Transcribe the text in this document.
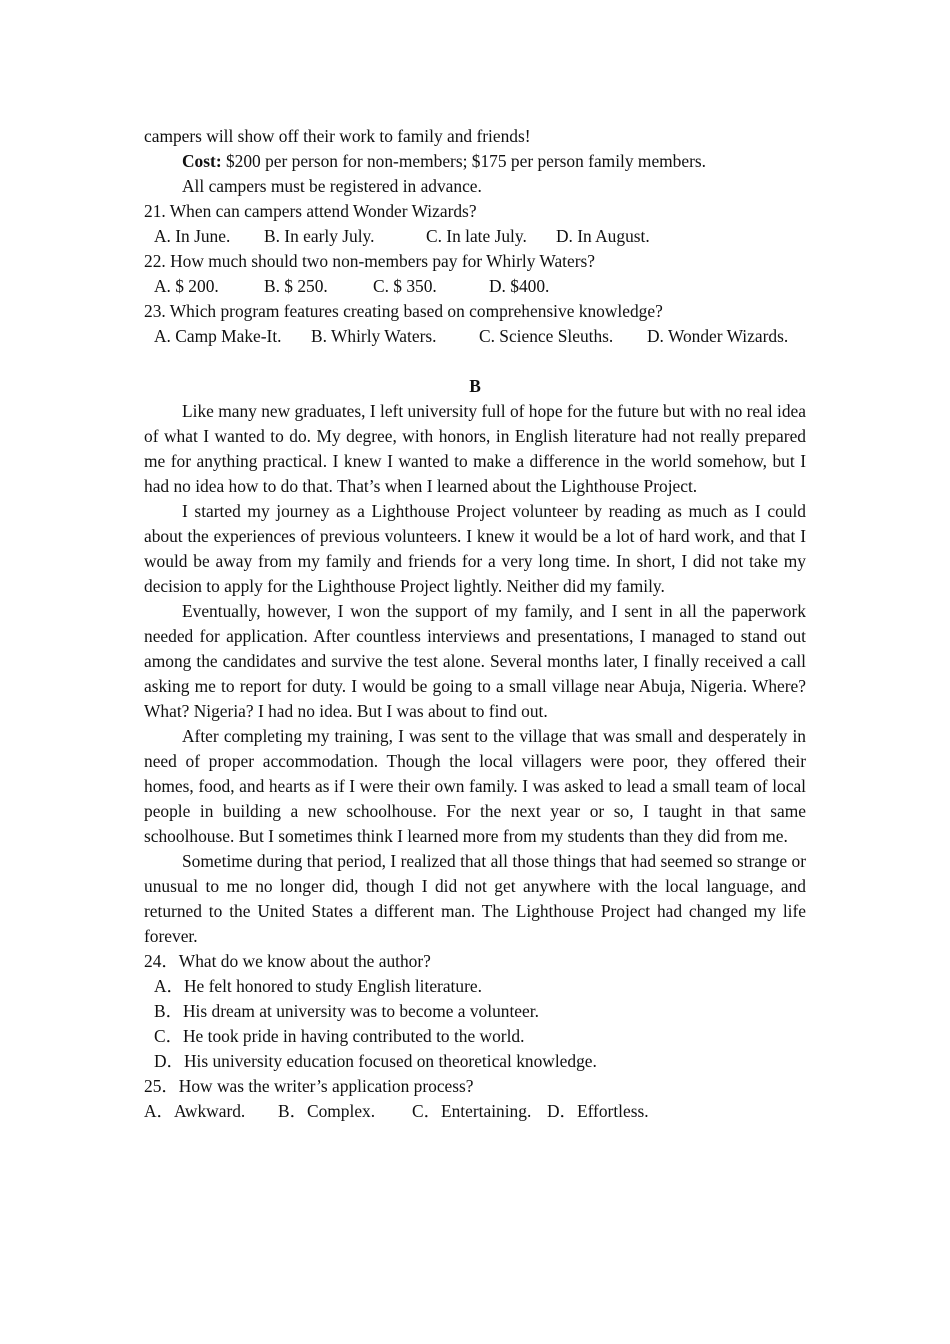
campers will show off their work to family and friends!
Cost: $200 per person for non-members; $175 per person family members.
All campers must be registered in advance.
21. When can campers attend Wonder Wizards?
A. In June. B. In early July.	C. In late July. D. In August.
22. How much should two non-members pay for Whirly Waters?
A. $ 200.	B. $ 250.	C. $ 350.	D. $400.
23. Which program features creating based on comprehensive knowledge?
A. Camp Make-It. B. Whirly Waters. C. Science Sleuths. D. Wonder Wizards.
B

Like many new graduates, I left university full of hope for the future but with no real idea of what I wanted to do. My degree, with honors, in English literature had not really prepared me for anything practical. I knew I wanted to make a difference in the world somehow, but I had no idea how to do that. That’s when I learned about the Lighthouse Project.

I started my journey as a Lighthouse Project volunteer by reading as much as I could about the experiences of previous volunteers. I knew it would be a lot of hard work, and that I would be away from my family and friends for a very long time. In short, I did not take my decision to apply for the Lighthouse Project lightly. Neither did my family.

Eventually, however, I won the support of my family, and I sent in all the paperwork needed for application. After countless interviews and presentations, I managed to stand out among the candidates and survive the test alone. Several months later, I finally received a call asking me to report for duty. I would be going to a small village near Abuja, Nigeria. Where? What? Nigeria? I had no idea. But I was about to find out.

After completing my training, I was sent to the village that was small and desperately in need of proper accommodation. Though the local villagers were poor, they offered their homes, food, and hearts as if I were their own family. I was asked to lead a small team of local people in building a new schoolhouse. For the next year or so, I taught in that same schoolhouse. But I sometimes think I learned more from my students than they did from me.

Sometime during that period, I realized that all those things that had seemed so strange or unusual to me no longer did, though I did not get anywhere with the local language, and returned to the United States a different man. The Lighthouse Project had changed my life forever.

24．What do we know about the author?
A．He felt honored to study English literature.
B．His dream at university was to become a volunteer.
C．He took pride in having contributed to the world.
D．His university education focused on theoretical knowledge.
25．How was the writer’s application process?
A．Awkward. B．Complex. C．Entertaining. D．Effortless.
